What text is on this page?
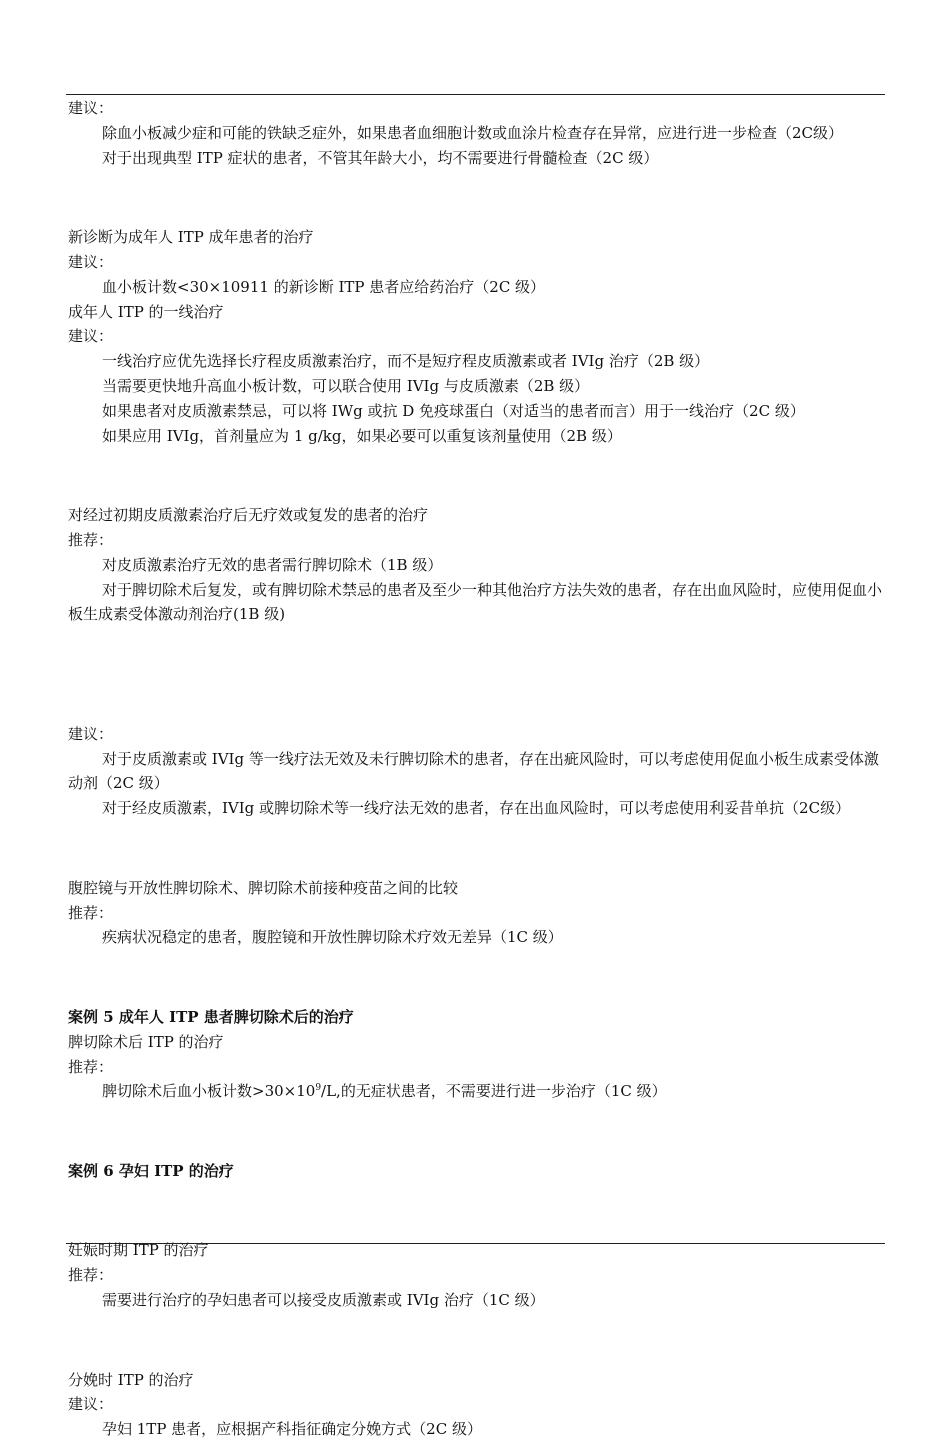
建议：

除血小板减少症和可能的铁缺乏症外，如果患者血细胞计数或血涂片检查存在异常，应进行进一步检查（2C级）

对于出现典型 ITP 症状的患者，不管其年龄大小，均不需要进行骨髓检查（2C 级）

新诊断为成年人 ITP 成年患者的治疗

建议：

血小板计数<30×10911 的新诊断 ITP 患者应给药治疗（2C 级）

成年人 ITP 的一线治疗

建议：

一线治疗应优先选择长疗程皮质激素治疗，而不是短疗程皮质激素或者 IVIg 治疗（2B 级）

当需要更快地升高血小板计数，可以联合使用 IVIg 与皮质激素（2B 级）

如果患者对皮质激素禁忌，可以将 IWg 或抗 D 免疫球蛋白（对适当的患者而言）用于一线治疗（2C 级）

如果应用 IVIg，首剂量应为 1 g/kg，如果必要可以重复该剂量使用（2B 级）

对经过初期皮质激素治疗后无疗效或复发的患者的治疗

推荐：

对皮质激素治疗无效的患者需行脾切除术（1B 级）

对于脾切除术后复发，或有脾切除术禁忌的患者及至少一种其他治疗方法失效的患者，存在出血风险时，应使用促血小板生成素受体激动剂治疗(1B 级)

建议：

对于皮质激素或 IVIg 等一线疗法无效及未行脾切除术的患者，存在出疵风险时，可以考虑使用促血小板生成素受体激动剂（2C 级）

对于经皮质激素，IVIg 或脾切除术等一线疗法无效的患者，存在出血风险时，可以考虑使用利妥昔单抗（2C级）

腹腔镜与开放性脾切除术、脾切除术前接种疫苗之间的比较

推荐：

疾病状况稳定的患者，腹腔镜和开放性脾切除术疗效无差异（1C 级）

案例 5 成年人 ITP 患者脾切除术后的治疗

脾切除术后 ITP 的治疗

推荐：

脾切除术后血小板计数$>30\times 10^9/L$,的无症状患者，不需要进行进一步治疗（1C 级）

案例 6 孕妇 ITP 的治疗

妊娠时期 ITP 的治疗

推荐：

需要进行治疗的孕妇患者可以接受皮质激素或 IVIg 治疗（1C 级）

分娩时 ITP 的治疗

建议：

孕妇 1TP 患者，应根据产科指征确定分娩方式（2C 级）
